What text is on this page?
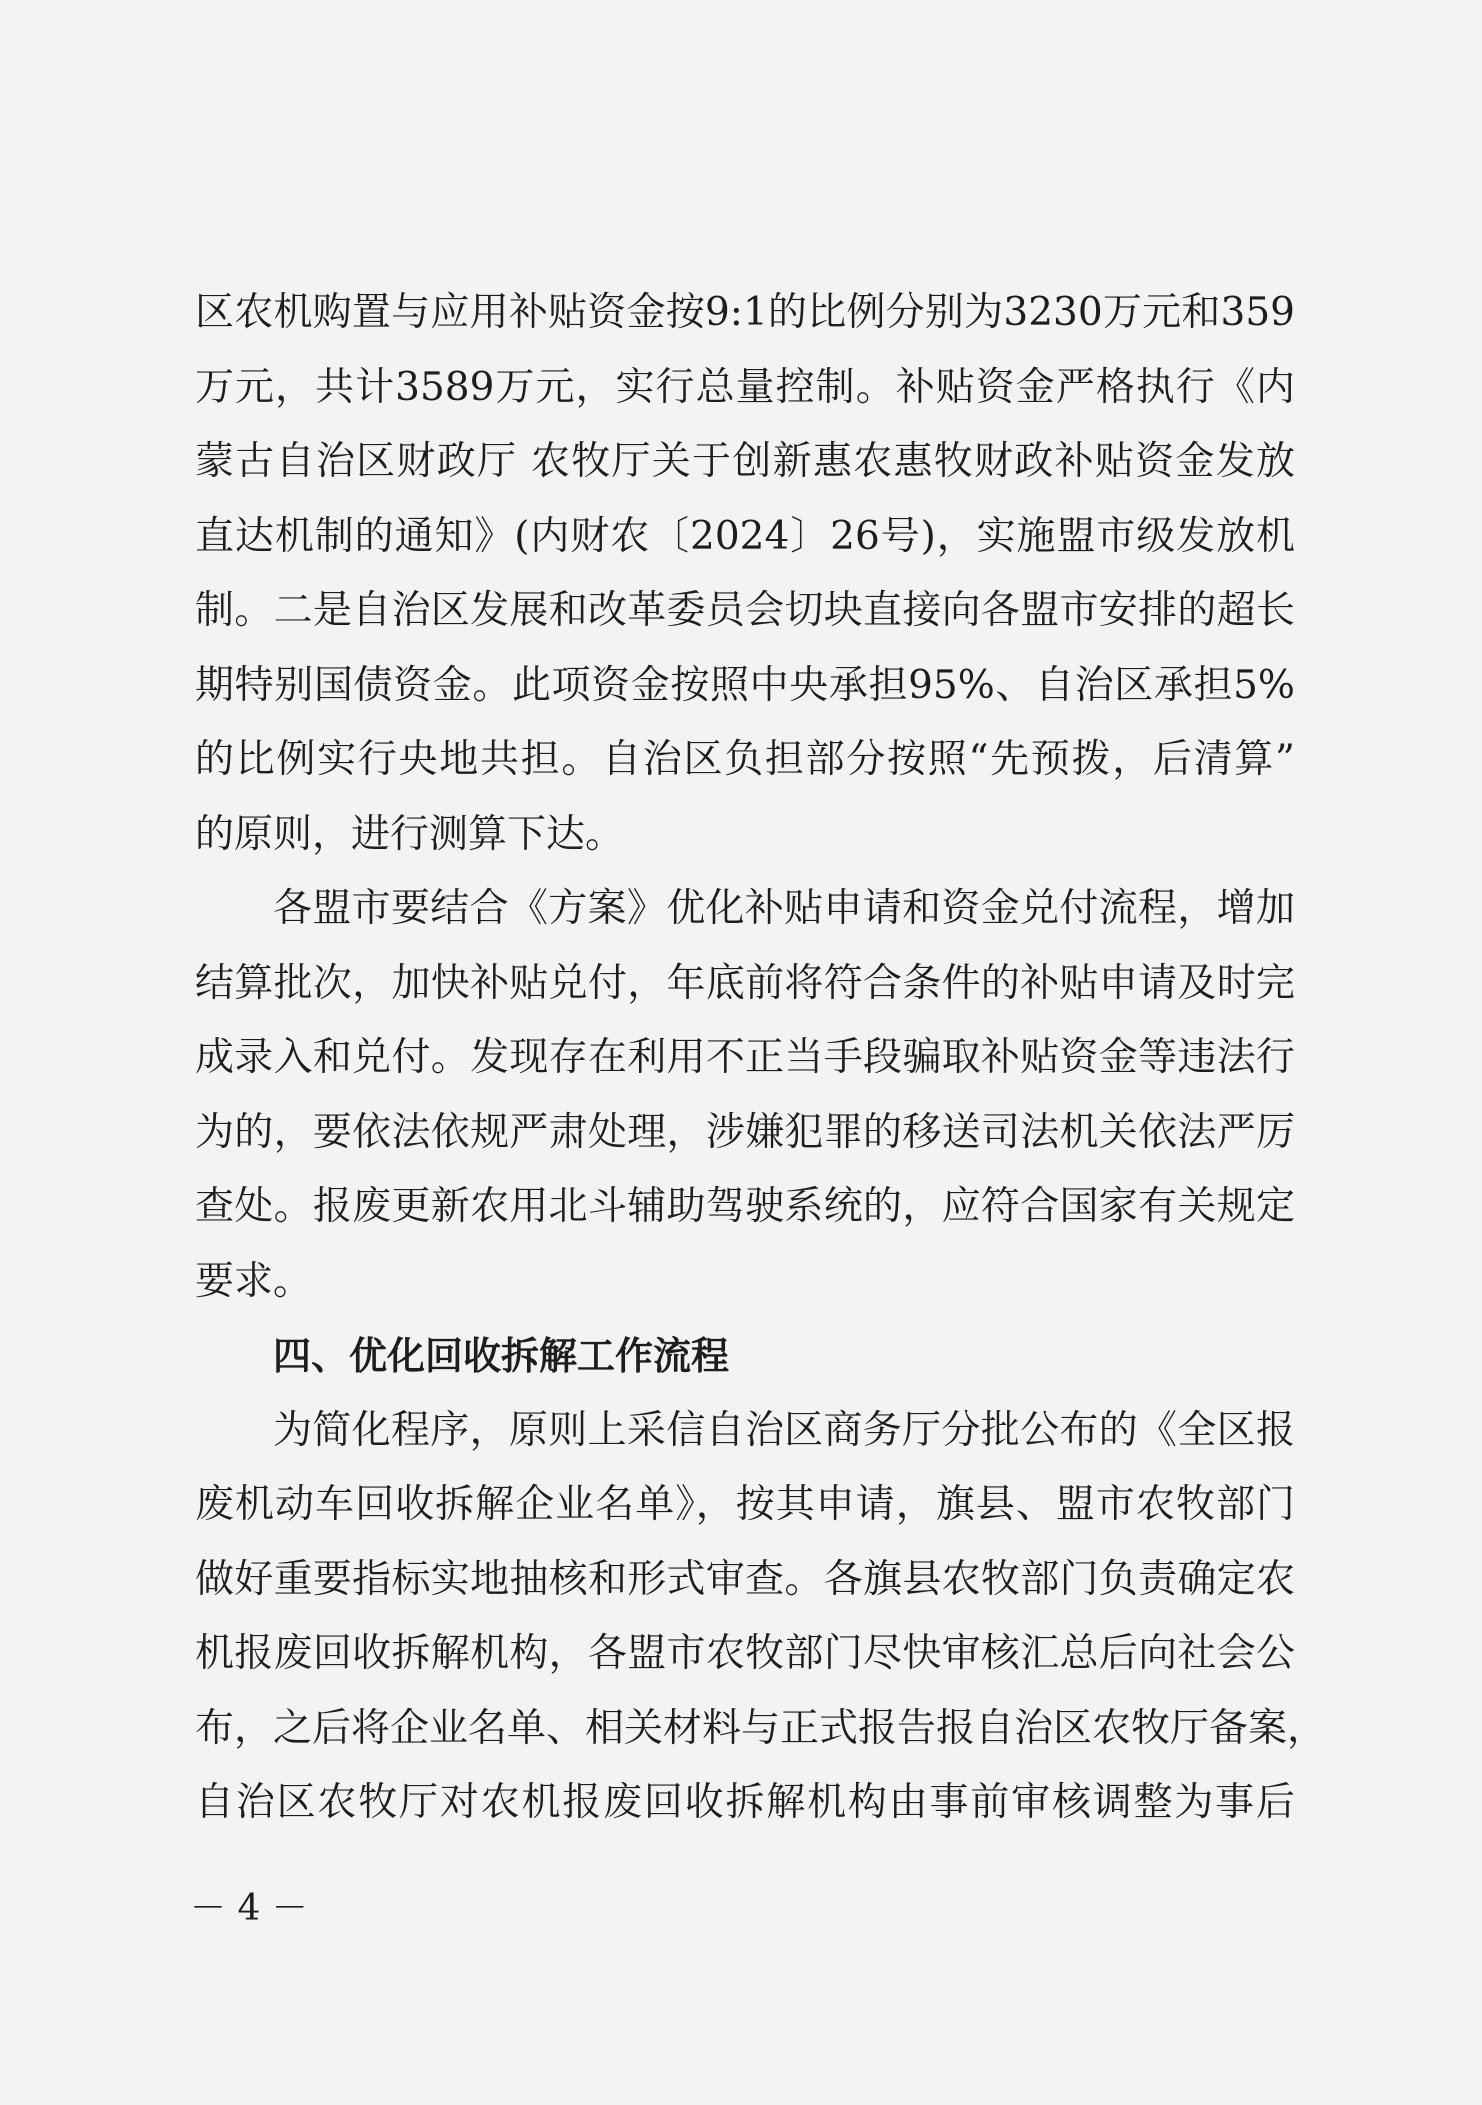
区农机购置与应用补贴资金按9:1的比例分别为3230万元和359
万元，共计3589万元，实行总量控制。补贴资金严格执行《内
蒙古自治区财政厅 农牧厅关于创新惠农惠牧财政补贴资金发放
直达机制的通知》(内财农〔2024〕26号)，实施盟市级发放机
制。二是自治区发展和改革委员会切块直接向各盟市安排的超长
期特别国债资金。此项资金按照中央承担95%、自治区承担5%
的比例实行央地共担。自治区负担部分按照“先预拨，后清算”
的原则，进行测算下达。
各盟市要结合《方案》优化补贴申请和资金兑付流程，增加
结算批次，加快补贴兑付，年底前将符合条件的补贴申请及时完
成录入和兑付。发现存在利用不正当手段骗取补贴资金等违法行
为的，要依法依规严肃处理，涉嫌犯罪的移送司法机关依法严厉
查处。报废更新农用北斗辅助驾驶系统的，应符合国家有关规定
要求。
四、优化回收拆解工作流程
为简化程序，原则上采信自治区商务厅分批公布的《全区报
废机动车回收拆解企业名单》，按其申请，旗县、盟市农牧部门
做好重要指标实地抽核和形式审查。各旗县农牧部门负责确定农
机报废回收拆解机构，各盟市农牧部门尽快审核汇总后向社会公
布，之后将企业名单、相关材料与正式报告报自治区农牧厅备案，
自治区农牧厅对农机报废回收拆解机构由事前审核调整为事后
－ 4 －
